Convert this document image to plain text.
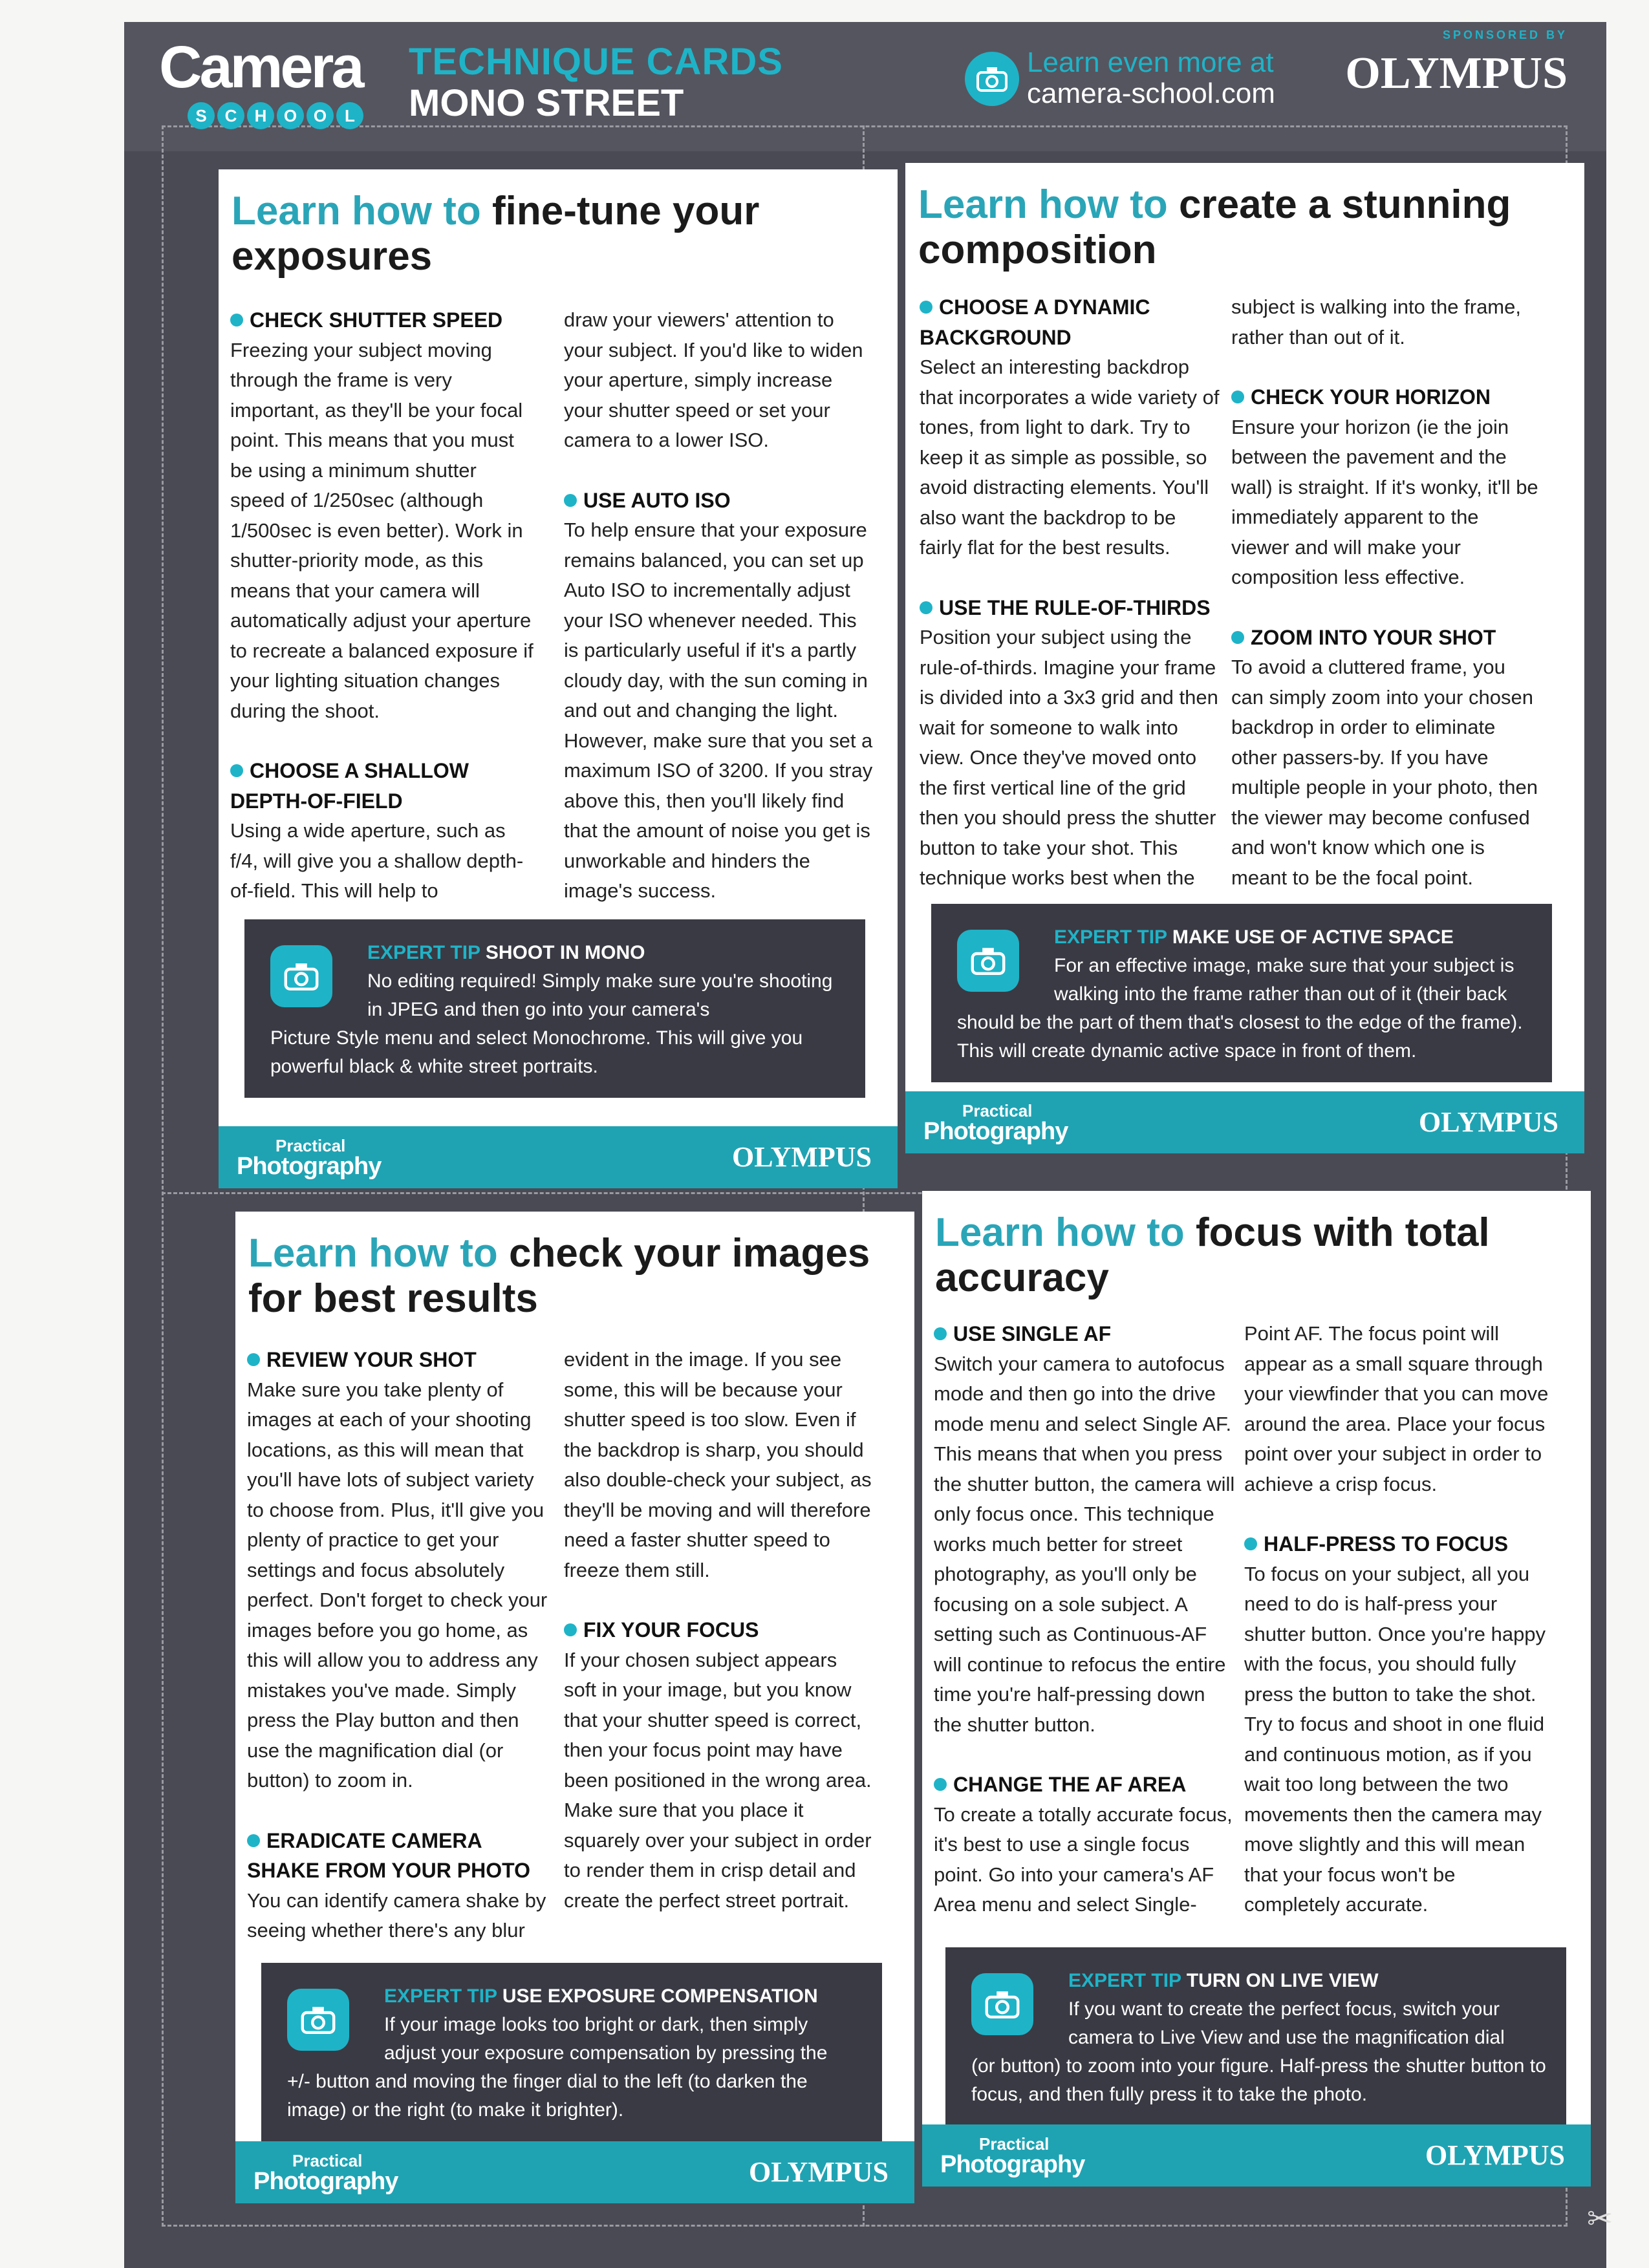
Camera
S	C	H	O O	L
TECHNIQUE CARDS
MONO STREET
Learn even more at
camera-school.com
SPONSORED BY
OLYMPUS
Learn how to fine-tune your exposures
CHECK SHUTTER SPEED
Freezing your subject moving through the frame is very important, as they'll be your focal point. This means that you must be using a minimum shutter speed of 1/250sec (although 1/500sec is even better). Work in shutter-priority mode, as this means that your camera will automatically adjust your aperture to recreate a balanced exposure if your lighting situation changes during the shoot.
CHOOSE A SHALLOW DEPTH-OF-FIELD
Using a wide aperture, such as f/4, will give you a shallow depth-of-field. This will help to
draw your viewers' attention to your subject. If you'd like to widen your aperture, simply increase your shutter speed or set your camera to a lower ISO.
USE AUTO ISO
To help ensure that your exposure remains balanced, you can set up Auto ISO to incrementally adjust your ISO whenever needed. This is particularly useful if it's a partly cloudy day, with the sun coming in and out and changing the light. However, make sure that you set a maximum ISO of 3200. If you stray above this, then you'll likely find that the amount of noise you get is unworkable and hinders the image's success.
EXPERT TIP SHOOT IN MONO
No editing required! Simply make sure you're shooting in JPEG and then go into your camera's
Picture Style menu and select Monochrome. This will give you powerful black & white street portraits.
Practical
Photography	OLYMPUS
Learn how to create a stunning composition
CHOOSE A DYNAMIC BACKGROUND
Select an interesting backdrop that incorporates a wide variety of tones, from light to dark. Try to keep it as simple as possible, so avoid distracting elements. You'll also want the backdrop to be fairly flat for the best results.
USE THE RULE-OF-THIRDS
Position your subject using the rule-of-thirds. Imagine your frame is divided into a 3x3 grid and then wait for someone to walk into view. Once they've moved onto the first vertical line of the grid then you should press the shutter button to take your shot. This technique works best when the
subject is walking into the frame, rather than out of it.
CHECK YOUR HORIZON
Ensure your horizon (ie the join between the pavement and the wall) is straight. If it's wonky, it'll be immediately apparent to the viewer and will make your composition less effective.
ZOOM INTO YOUR SHOT
To avoid a cluttered frame, you can simply zoom into your chosen backdrop in order to eliminate other passers-by. If you have multiple people in your photo, then the viewer may become confused and won't know which one is meant to be the focal point.
EXPERT TIP MAKE USE OF ACTIVE SPACE
For an effective image, make sure that your subject is walking into the frame rather than out of it (their back
should be the part of them that's closest to the edge of the frame). This will create dynamic active space in front of them.
Practical
Photography	OLYMPUS
Learn how to check your images for best results
REVIEW YOUR SHOT
Make sure you take plenty of images at each of your shooting locations, as this will mean that you'll have lots of subject variety to choose from. Plus, it'll give you plenty of practice to get your settings and focus absolutely perfect. Don't forget to check your images before you go home, as this will allow you to address any mistakes you've made. Simply press the Play button and then use the magnification dial (or button) to zoom in.
ERADICATE CAMERA SHAKE FROM YOUR PHOTO
You can identify camera shake by seeing whether there's any blur
evident in the image. If you see some, this will be because your shutter speed is too slow. Even if the backdrop is sharp, you should also double-check your subject, as they'll be moving and will therefore need a faster shutter speed to freeze them still.
FIX YOUR FOCUS
If your chosen subject appears soft in your image, but you know that your shutter speed is correct, then your focus point may have been positioned in the wrong area. Make sure that you place it squarely over your subject in order to render them in crisp detail and create the perfect street portrait.
EXPERT TIP USE EXPOSURE COMPENSATION
If your image looks too bright or dark, then simply adjust your exposure compensation by pressing the
+/- button and moving the finger dial to the left (to darken the image) or the right (to make it brighter).
Practical
Photography	OLYMPUS
Learn how to focus with total accuracy
USE SINGLE AF
Switch your camera to autofocus mode and then go into the drive mode menu and select Single AF. This means that when you press the shutter button, the camera will only focus once. This technique works much better for street photography, as you'll only be focusing on a sole subject. A setting such as Continuous-AF will continue to refocus the entire time you're half-pressing down the shutter button.
CHANGE THE AF AREA
To create a totally accurate focus, it's best to use a single focus point. Go into your camera's AF Area menu and select Single-
Point AF. The focus point will appear as a small square through your viewfinder that you can move around the area. Place your focus point over your subject in order to achieve a crisp focus.
HALF-PRESS TO FOCUS
To focus on your subject, all you need to do is half-press your shutter button. Once you're happy with the focus, you should fully press the button to take the shot. Try to focus and shoot in one fluid and continuous motion, as if you wait too long between the two movements then the camera may move slightly and this will mean that your focus won't be completely accurate.
EXPERT TIP TURN ON LIVE VIEW
If you want to create the perfect focus, switch your camera to Live View and use the magnification dial
(or button) to zoom into your figure. Half-press the shutter button to focus, and then fully press it to take the photo.
Practical
Photography	OLYMPUS
✂
